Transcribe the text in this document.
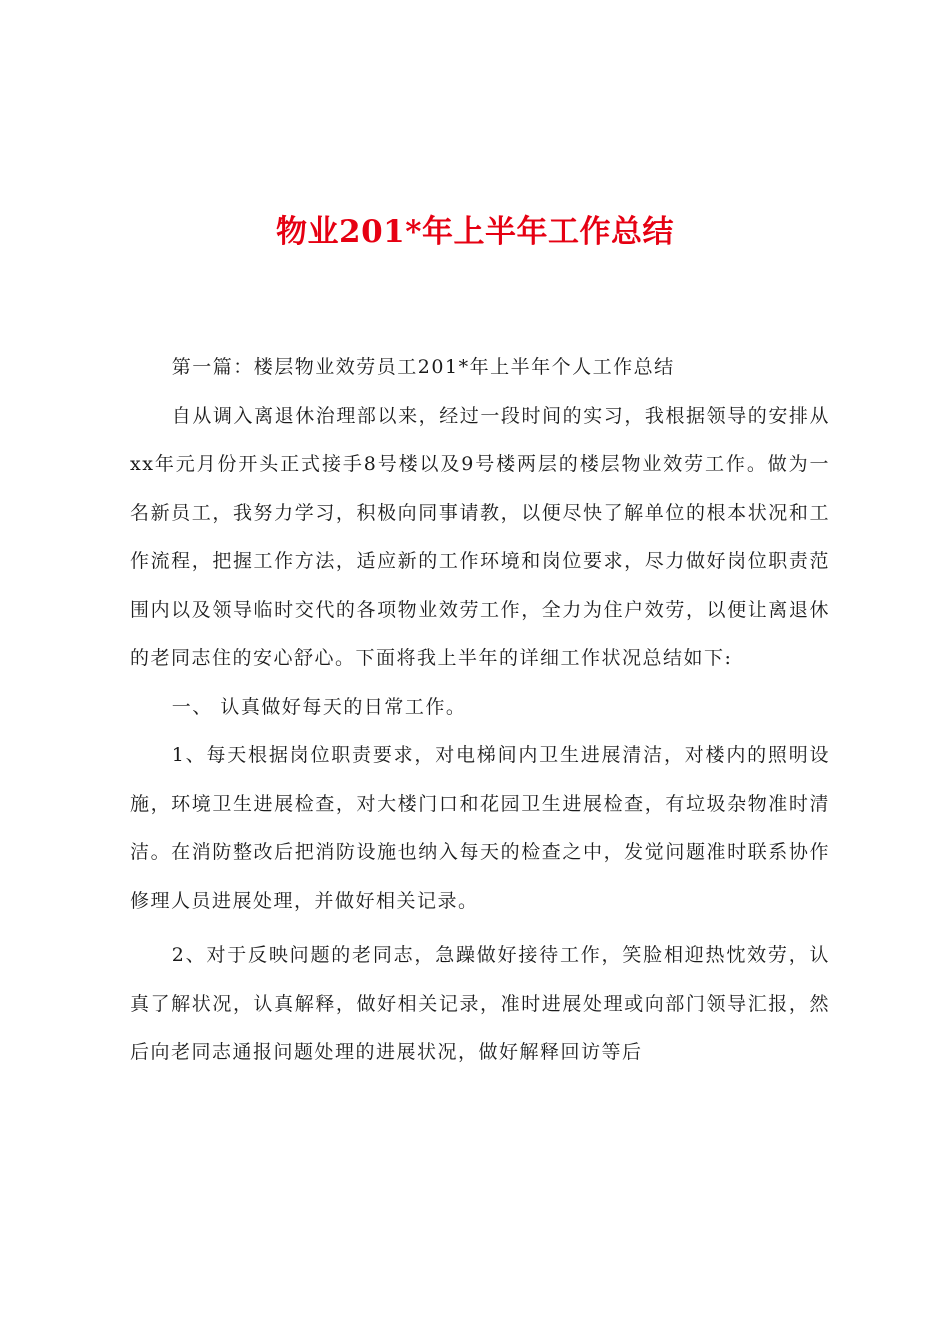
物业201*年上半年工作总结

第一篇：楼层物业效劳员工201*年上半年个人工作总结

自从调入离退休治理部以来，经过一段时间的实习，我根据领导的安排从xx年元月份开头正式接手8号楼以及9号楼两层的楼层物业效劳工作。做为一名新员工，我努力学习，积极向同事请教，以便尽快了解单位的根本状况和工作流程，把握工作方法，适应新的工作环境和岗位要求，尽力做好岗位职责范围内以及领导临时交代的各项物业效劳工作，全力为住户效劳，以便让离退休的老同志住的安心舒心。下面将我上半年的详细工作状况总结如下:

一、 认真做好每天的日常工作。

1、每天根据岗位职责要求，对电梯间内卫生进展清洁，对楼内的照明设施，环境卫生进展检查，对大楼门口和花园卫生进展检查，有垃圾杂物准时清洁。在消防整改后把消防设施也纳入每天的检查之中，发觉问题准时联系协作修理人员进展处理，并做好相关记录。

2、对于反映问题的老同志，急躁做好接待工作，笑脸相迎热忱效劳，认真了解状况，认真解释，做好相关记录，准时进展处理或向部门领导汇报，然后向老同志通报问题处理的进展状况，做好解释回访等后
